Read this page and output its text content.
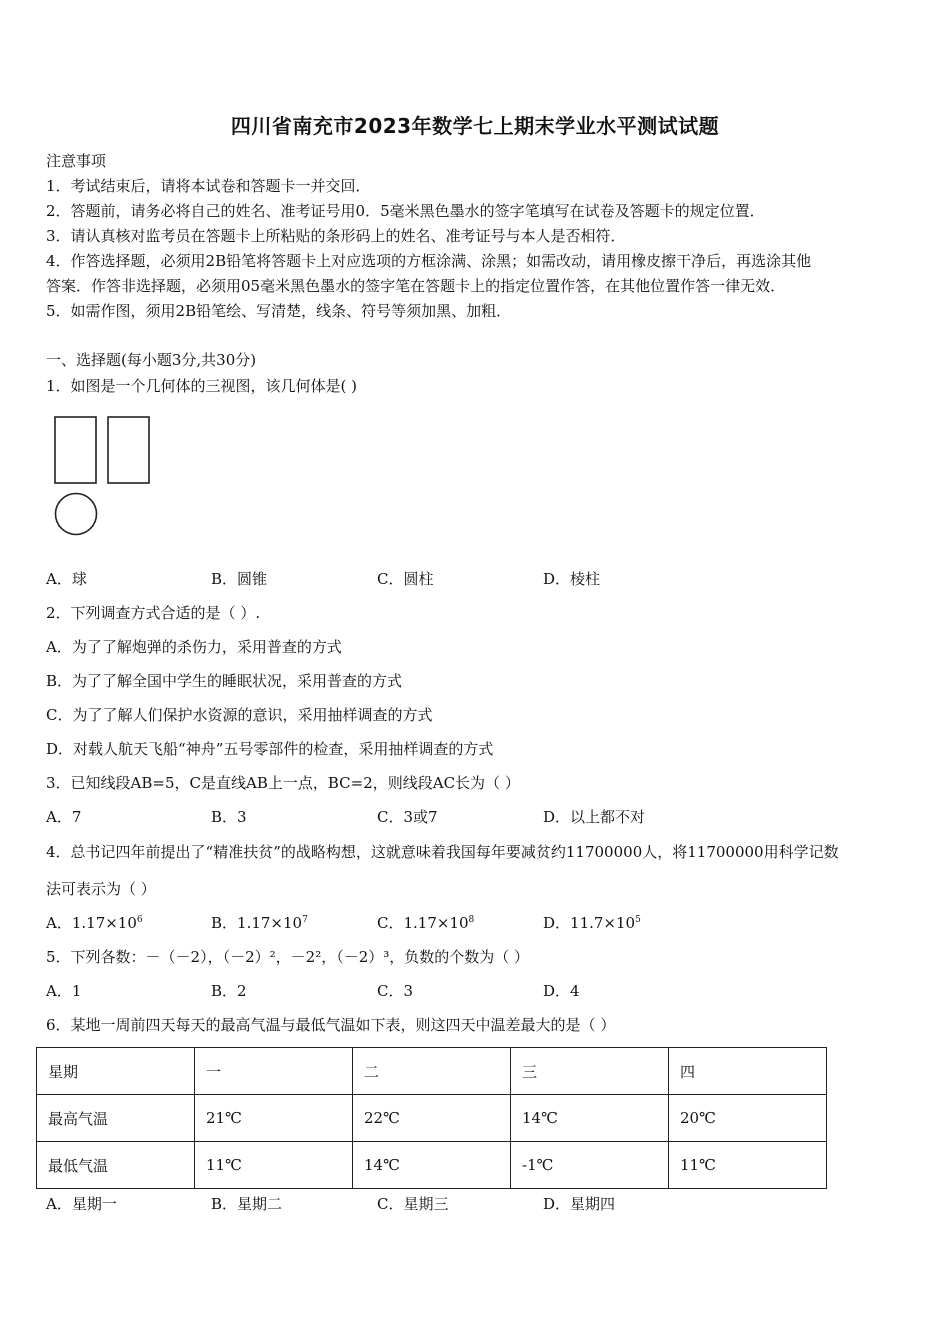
四川省南充市2023年数学七上期末学业水平测试试题
注意事项
1．考试结束后，请将本试卷和答题卡一并交回．
2．答题前，请务必将自己的姓名、准考证号用0．5毫米黑色墨水的签字笔填写在试卷及答题卡的规定位置．
3．请认真核对监考员在答题卡上所粘贴的条形码上的姓名、准考证号与本人是否相符．
4．作答选择题，必须用2B铅笔将答题卡上对应选项的方框涂满、涂黑；如需改动，请用橡皮擦干净后，再选涂其他
答案．作答非选择题，必须用05毫米黑色墨水的签字笔在答题卡上的指定位置作答，在其他位置作答一律无效．
5．如需作图，须用2B铅笔绘、写清楚，线条、符号等须加黑、加粗．
一、选择题(每小题3分,共30分)
1．如图是一个几何体的三视图，该几何体是( )
A．球	B．圆锥	C．圆柱	D．棱柱
2．下列调查方式合适的是（ ）.
A．为了了解炮弹的杀伤力，采用普查的方式
B．为了了解全国中学生的睡眠状况，采用普查的方式
C．为了了解人们保护水资源的意识，采用抽样调查的方式
D．对载人航天飞船“神舟”五号零部件的检查，采用抽样调查的方式
3．已知线段AB=5，C是直线AB上一点，BC=2，则线段AC长为（ ）
A．7	B．3	C．3或7	D．以上都不对
4．总书记四年前提出了“精准扶贫”的战略构想，这就意味着我国每年要减贫约11700000人，将11700000用科学记数
法可表示为（ ）
A．$1.17\times 10^6$	B．$1.17\times 10^7$	C．$1.17\times 10^8$	D．$11.7\times 10^5$
5．下列各数：－（－2），（－2）²，－2²，（－2）³，负数的个数为（ ）
A．1	B．2	C．3	D．4
6．某地一周前四天每天的最高气温与最低气温如下表，则这四天中温差最大的是（ ）
星期	一	二	三	四
最高气温	21℃	22℃	14℃	20℃
最低气温	11℃	14℃	-1℃	11℃
A．星期一	B．星期二	C．星期三	D．星期四
